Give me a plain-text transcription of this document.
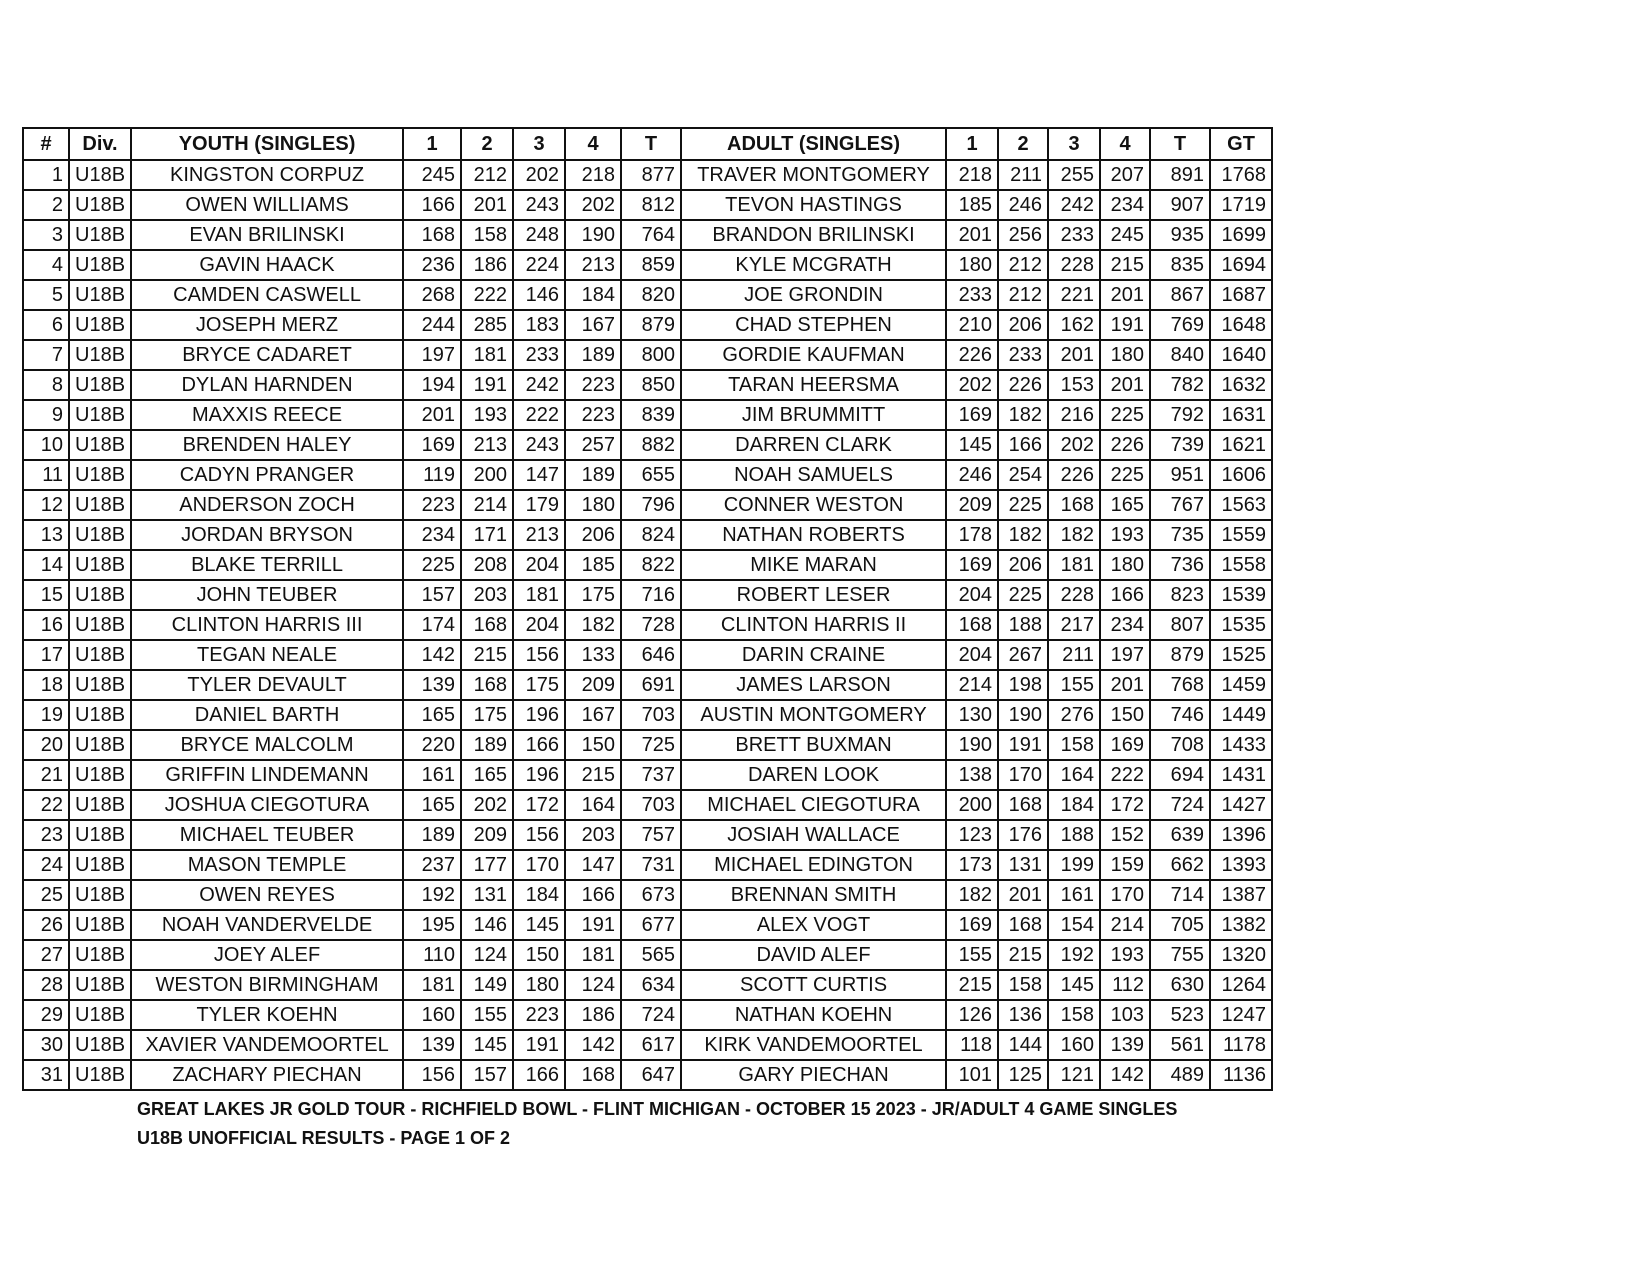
#	Div.	YOUTH (SINGLES)	1	2	3	4	T	ADULT (SINGLES)	1	2	3	4	T	GT
1	U18B	KINGSTON CORPUZ	245	212	202	218	877	TRAVER MONTGOMERY	218	211	255	207	891	1768
2	U18B	OWEN WILLIAMS	166	201	243	202	812	TEVON HASTINGS	185	246	242	234	907	1719
3	U18B	EVAN BRILINSKI	168	158	248	190	764	BRANDON BRILINSKI	201	256	233	245	935	1699
4	U18B	GAVIN HAACK	236	186	224	213	859	KYLE MCGRATH	180	212	228	215	835	1694
5	U18B	CAMDEN CASWELL	268	222	146	184	820	JOE GRONDIN	233	212	221	201	867	1687
6	U18B	JOSEPH MERZ	244	285	183	167	879	CHAD STEPHEN	210	206	162	191	769	1648
7	U18B	BRYCE CADARET	197	181	233	189	800	GORDIE KAUFMAN	226	233	201	180	840	1640
8	U18B	DYLAN HARNDEN	194	191	242	223	850	TARAN HEERSMA	202	226	153	201	782	1632
9	U18B	MAXXIS REECE	201	193	222	223	839	JIM BRUMMITT	169	182	216	225	792	1631
10	U18B	BRENDEN HALEY	169	213	243	257	882	DARREN CLARK	145	166	202	226	739	1621
11	U18B	CADYN PRANGER	119	200	147	189	655	NOAH SAMUELS	246	254	226	225	951	1606
12	U18B	ANDERSON ZOCH	223	214	179	180	796	CONNER WESTON	209	225	168	165	767	1563
13	U18B	JORDAN BRYSON	234	171	213	206	824	NATHAN ROBERTS	178	182	182	193	735	1559
14	U18B	BLAKE TERRILL	225	208	204	185	822	MIKE MARAN	169	206	181	180	736	1558
15	U18B	JOHN TEUBER	157	203	181	175	716	ROBERT LESER	204	225	228	166	823	1539
16	U18B	CLINTON HARRIS III	174	168	204	182	728	CLINTON HARRIS II	168	188	217	234	807	1535
17	U18B	TEGAN NEALE	142	215	156	133	646	DARIN CRAINE	204	267	211	197	879	1525
18	U18B	TYLER DEVAULT	139	168	175	209	691	JAMES LARSON	214	198	155	201	768	1459
19	U18B	DANIEL BARTH	165	175	196	167	703	AUSTIN MONTGOMERY	130	190	276	150	746	1449
20	U18B	BRYCE MALCOLM	220	189	166	150	725	BRETT BUXMAN	190	191	158	169	708	1433
21	U18B	GRIFFIN LINDEMANN	161	165	196	215	737	DAREN LOOK	138	170	164	222	694	1431
22	U18B	JOSHUA CIEGOTURA	165	202	172	164	703	MICHAEL CIEGOTURA	200	168	184	172	724	1427
23	U18B	MICHAEL TEUBER	189	209	156	203	757	JOSIAH WALLACE	123	176	188	152	639	1396
24	U18B	MASON TEMPLE	237	177	170	147	731	MICHAEL EDINGTON	173	131	199	159	662	1393
25	U18B	OWEN REYES	192	131	184	166	673	BRENNAN SMITH	182	201	161	170	714	1387
26	U18B	NOAH VANDERVELDE	195	146	145	191	677	ALEX VOGT	169	168	154	214	705	1382
27	U18B	JOEY ALEF	110	124	150	181	565	DAVID ALEF	155	215	192	193	755	1320
28	U18B	WESTON BIRMINGHAM	181	149	180	124	634	SCOTT CURTIS	215	158	145	112	630	1264
29	U18B	TYLER KOEHN	160	155	223	186	724	NATHAN KOEHN	126	136	158	103	523	1247
30	U18B	XAVIER VANDEMOORTEL	139	145	191	142	617	KIRK VANDEMOORTEL	118	144	160	139	561	1178
31	U18B	ZACHARY PIECHAN	156	157	166	168	647	GARY PIECHAN	101	125	121	142	489	1136
GREAT LAKES JR GOLD TOUR - RICHFIELD BOWL - FLINT MICHIGAN - OCTOBER 15 2023 - JR/ADULT 4 GAME SINGLES
U18B UNOFFICIAL RESULTS - PAGE 1 OF 2
